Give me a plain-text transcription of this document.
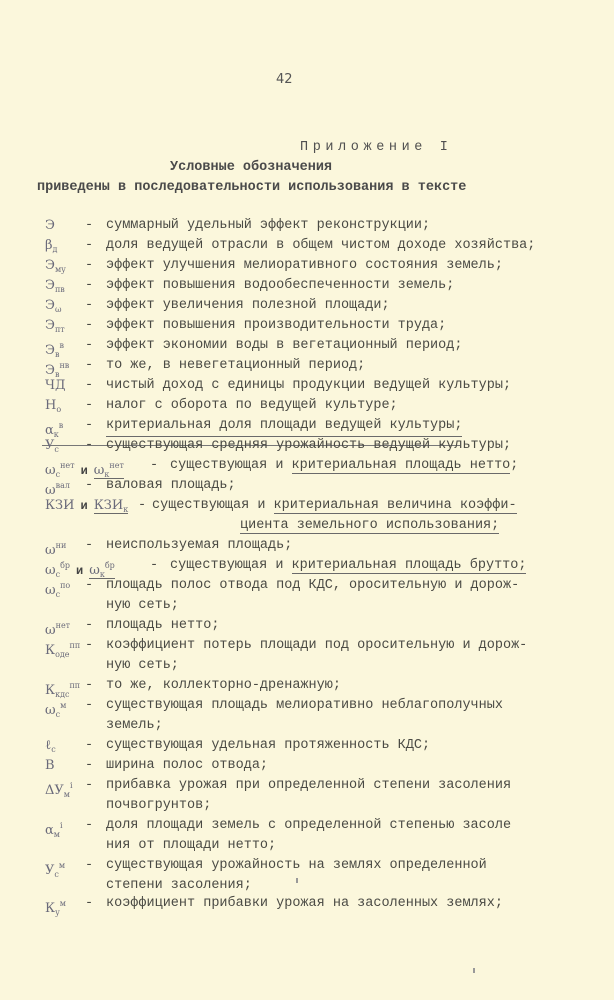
42
Приложение I
Условные обозначения
приведены в последовательности использования в тексте
Э - суммарный удельный эффект реконструкции;
$\beta_д$ - доля ведущей отрасли в общем чистом доходе хозяйства;
$Э_{му}$ - эффект улучшения мелиоративного состояния земель;
$Э_{пв}$ - эффект повышения водообеспеченности земель;
$Э_\omega$ - эффект увеличения полезной площади;
$Э_{пт}$ - эффект повышения производительности труда;
$Э_в^в$ - эффект экономии воды в вегетационный период;
$Э_в^{нв}$ - то же, в невегетационный период;
ЧД - чистый доход с единицы продукции ведущей культуры;
$Н_о$ - налог с оборота по ведущей культуре;
$\alpha_к^в$ - критериальная доля площади ведущей культуры;
$У_с$ - существующая средняя урожайность ведущей культуры;
$\omega_с^{нет}$ и $\omega_к^{нет}$ - существующая и критериальная площадь нетто;
$\omega^{вал}$ - валовая площадь;
КЗИ и $КЗИ_к$ - существующая и критериальная величина коэффи-
циента земельного использования;
$\omega^{ни}$ - неиспользуемая площадь;
$\omega_с^{бр}$ и $\omega_к^{бр}$	- существующая и критериальная площадь брутто;
$\omega_с^{по}$ - площадь полос отвода под КДС, оросительную и дорож-
ную сеть;
$\omega^{нет}$ - площадь нетто;
$К_{оде}^{пп}$ - коэффициент потерь площади под оросительную и дорож-
ную сеть;
$К_{кдс}^{пп}$ - то же, коллекторно-дренажную;
$\omega_с^м$ - существующая площадь мелиоративно неблагополучных
земель;
ℓ$_с$ - существующая удельная протяженность КДС;
B - ширина полос отвода;
$\Delta У_м^i$ - прибавка урожая при определенной степени засоления
почвогрунтов;
$\alpha_м^i$ - доля площади земель с определенной степенью засоле
ния от площади нетто;
$У_с^м$ - существующая урожайность на землях определенной
степени засоления;
$К_у^м$ - коэффициент прибавки урожая на засоленных землях;
